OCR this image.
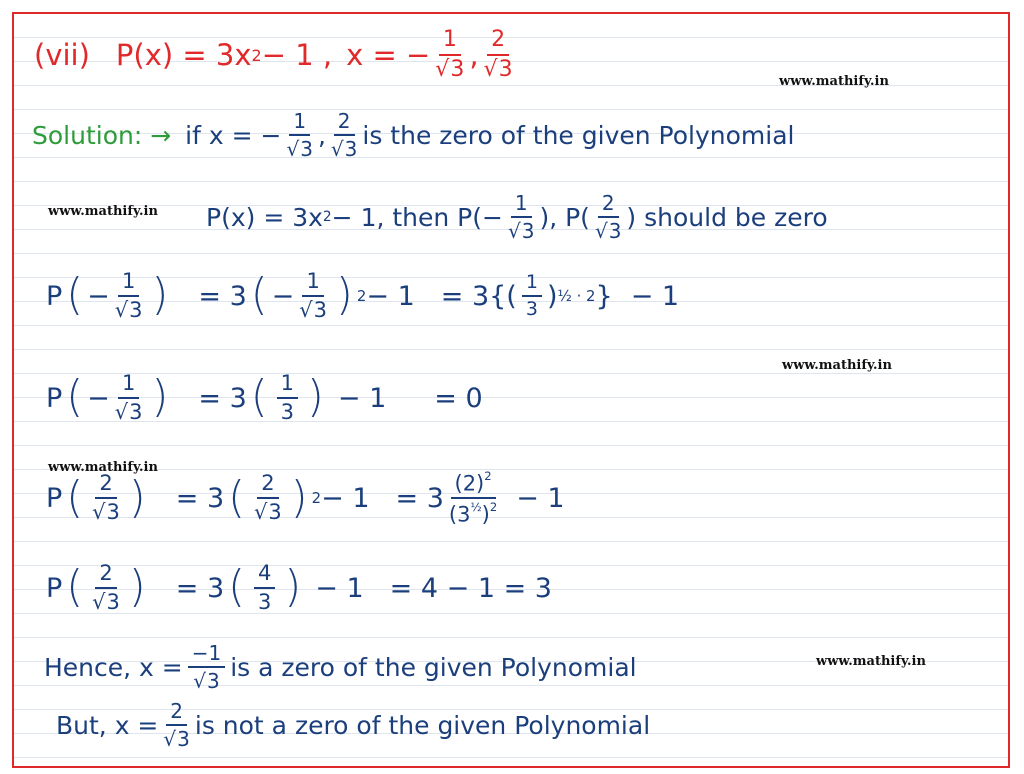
www.mathify.in
www.mathify.in
www.mathify.in
www.mathify.in
www.mathify.in
(vii) P(x) = 3x 2 − 1 , x = − 1
√ 3 , 2
√ 3
Solution: → if x = − 1
√ 3 , 2
√ 3 is the zero of the given Polynomial
P(x) = 3x 2 − 1, then P(− 1
√ 3 ), P( 2
√ 3 ) should be zero
P ( − 1
√ 3 ) = 3 ( − 1
√ 3 ) $2 - 1 = 3\{( \frac{1}{3}$ ) ½ · 2 } − 1
P ( − 1
√ 3 ) = 3 ( $\frac{1}{3}$ ) − 1 = 0
P ( 2
√ 3 ) = 3 ( 2
√ 3 ) $2 - 1 = 3 \frac{(2)^2}{(3^{\frac{1}{2}})^2} - 1$
P ( 2
√ 3 ) = 3 ( $\frac{4}{3}$ ) − 1 = 4 − 1 = 3
Hence, x = −1
√ 3 is a zero of the given Polynomial
But, x = 2
√ 3 is not a zero of the given Polynomial
